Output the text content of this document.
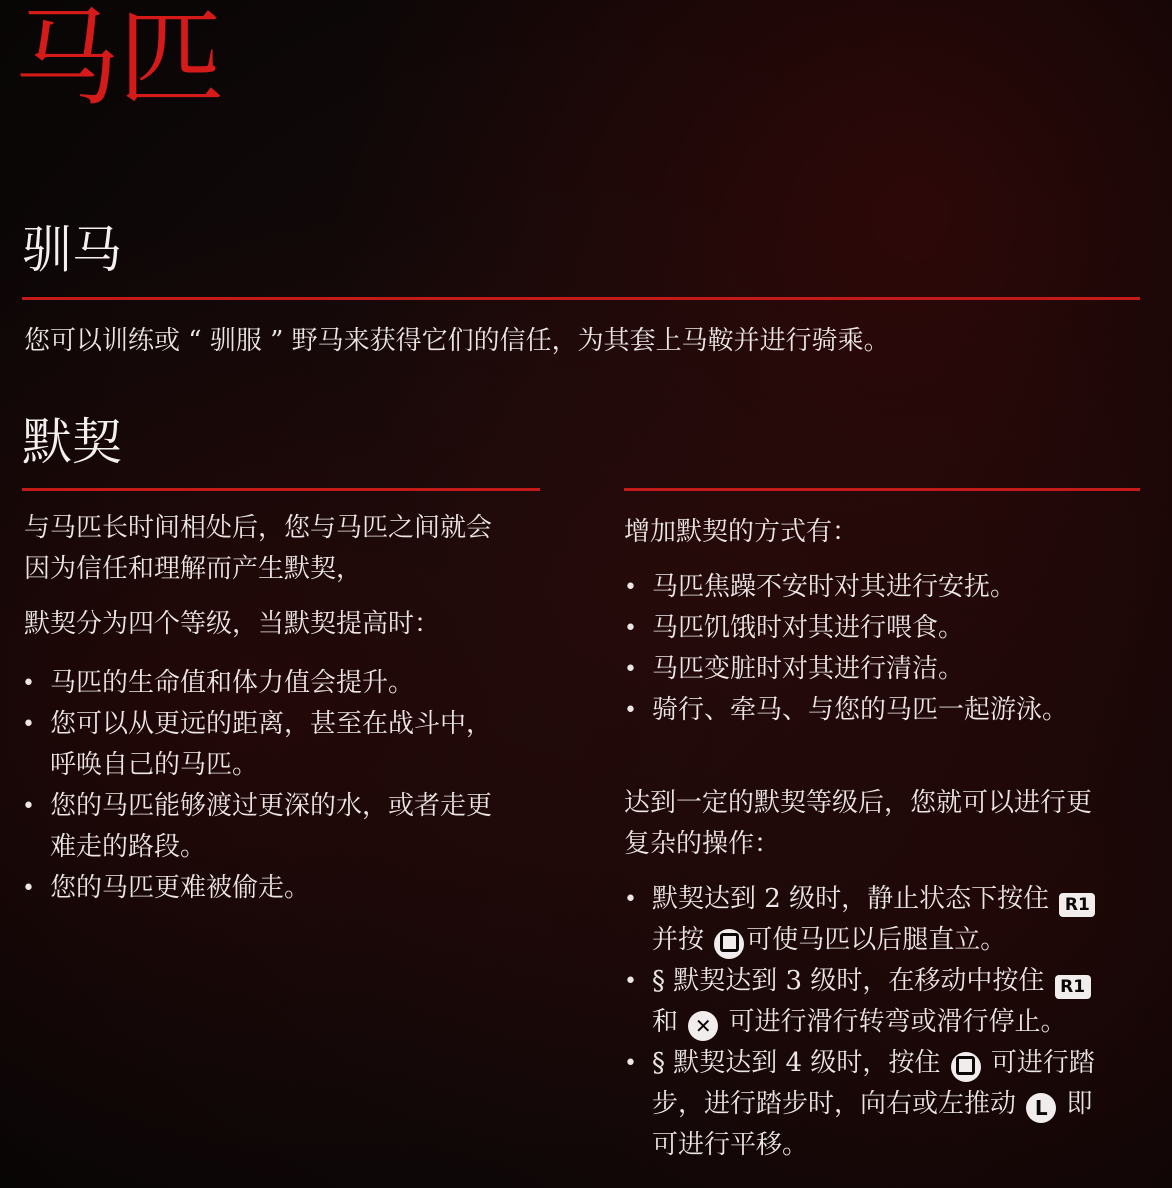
马匹
驯马

您可以训练或 “ 驯服 ” 野马来获得它们的信任，为其套上马鞍并进行骑乘。

默契

与马匹长时间相处后，您与马匹之间就会

因为信任和理解而产生默契，

默契分为四个等级，当默契提高时：

• 马匹的生命值和体力值会提升。
• 您可以从更远的距离，甚至在战斗中，
呼唤自己的马匹。
• 您的马匹能够渡过更深的水，或者走更
难走的路段。
• 您的马匹更难被偷走。

增加默契的方式有：

• 马匹焦躁不安时对其进行安抚。
• 马匹饥饿时对其进行喂食。
• 马匹变脏时对其进行清洁。
• 骑行、牵马、与您的马匹一起游泳。

达到一定的默契等级后，您就可以进行更

复杂的操作：

• 默契达到 2 级时，静止状态下按住 R1
并按 可使马匹以后腿直立。
• § 默契达到 3 级时，在移动中按住 R1
和 ✕ 可进行滑行转弯或滑行停止。
• § 默契达到 4 级时，按住 可进行踏
步，进行踏步时，向右或左推动 L 即
可进行平移。
